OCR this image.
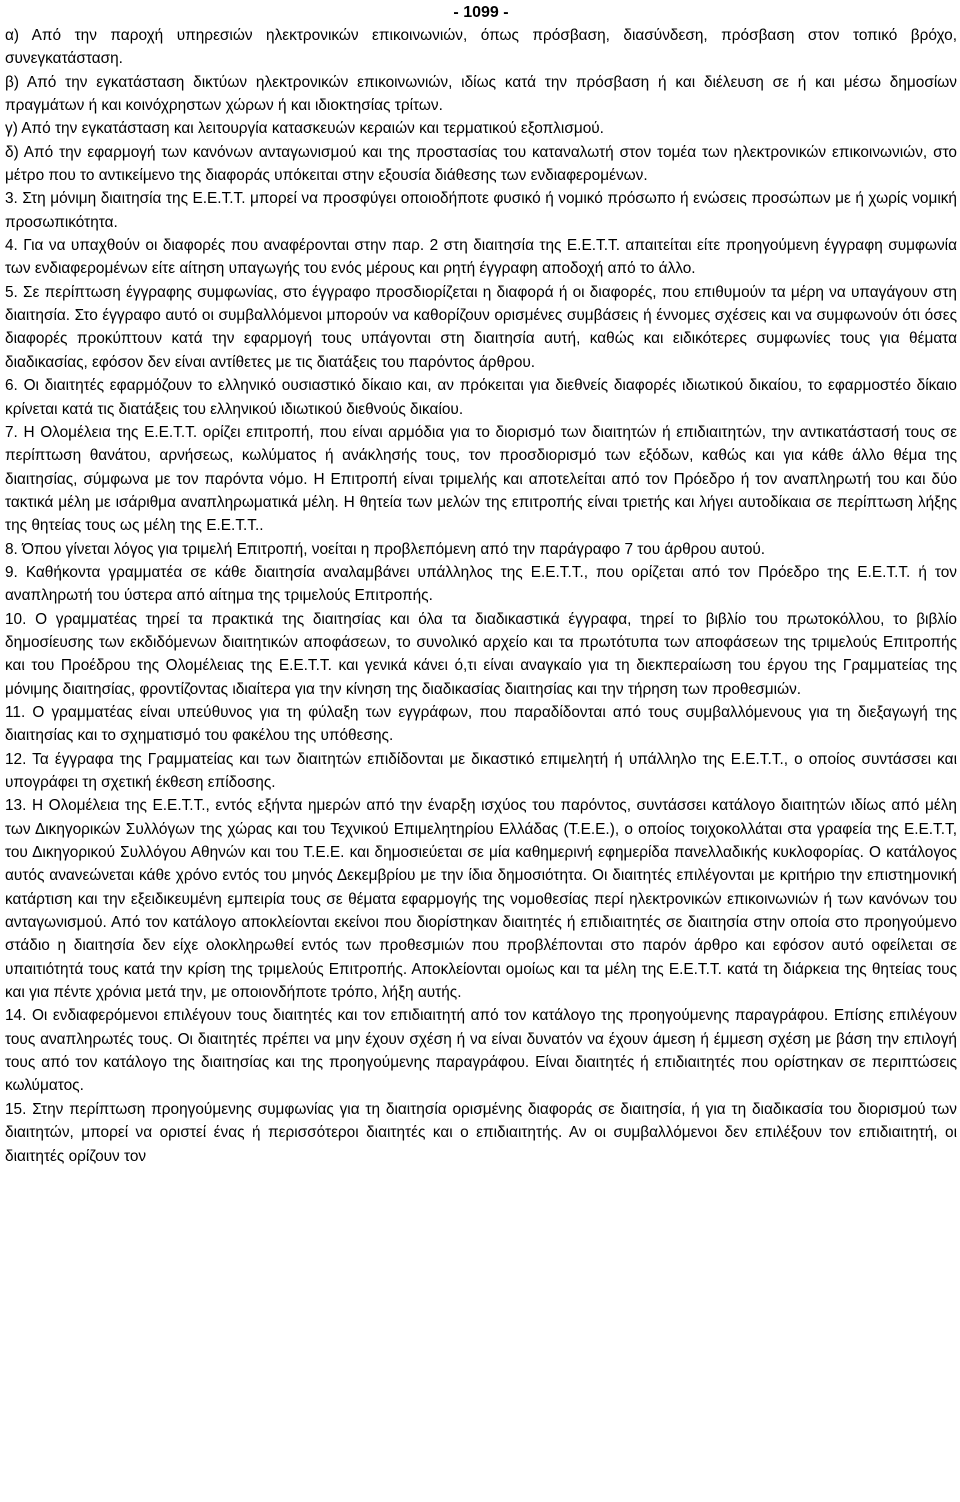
- 1099 -

α) Από την παροχή υπηρεσιών ηλεκτρονικών επικοινωνιών, όπως πρόσβαση, διασύνδεση, πρόσβαση στον τοπικό βρόχο, συνεγκατάσταση.

β) Από την εγκατάσταση δικτύων ηλεκτρονικών επικοινωνιών, ιδίως κατά την πρόσβαση ή και διέλευση σε ή και μέσω δημοσίων πραγμάτων ή και κοινόχρηστων χώρων ή και ιδιοκτησίας τρίτων.

γ) Από την εγκατάσταση και λειτουργία κατασκευών κεραιών και τερματικού εξοπλισμού.

δ) Από την εφαρμογή των κανόνων ανταγωνισμού και της προστασίας του καταναλωτή στον τομέα των ηλεκτρονικών επικοινωνιών, στο μέτρο που το αντικείμενο της διαφοράς υπόκειται στην εξουσία διάθεσης των ενδιαφερομένων.

3. Στη μόνιμη διαιτησία της Ε.Ε.Τ.Τ. μπορεί να προσφύγει οποιοδήποτε φυσικό ή νομικό πρόσωπο ή ενώσεις προσώπων με ή χωρίς νομική προσωπικότητα.

4. Για να υπαχθούν οι διαφορές που αναφέρονται στην παρ. 2 στη διαιτησία της Ε.Ε.Τ.Τ. απαιτείται είτε προηγούμενη έγγραφη συμφωνία των ενδιαφερομένων είτε αίτηση υπαγωγής του ενός μέρους και ρητή έγγραφη αποδοχή από το άλλο.

5. Σε περίπτωση έγγραφης συμφωνίας, στο έγγραφο προσδιορίζεται η διαφορά ή οι διαφορές, που επιθυμούν τα μέρη να υπαγάγουν στη διαιτησία. Στο έγγραφο αυτό οι συμβαλλόμενοι μπορούν να καθορίζουν ορισμένες συμβάσεις ή έννομες σχέσεις και να συμφωνούν ότι όσες διαφορές προκύπτουν κατά την εφαρμογή τους υπάγονται στη διαιτησία αυτή, καθώς και ειδικότερες συμφωνίες τους για θέματα διαδικασίας, εφόσον δεν είναι αντίθετες με τις διατάξεις του παρόντος άρθρου.

6. Οι διαιτητές εφαρμόζουν το ελληνικό ουσιαστικό δίκαιο και, αν πρόκειται για διεθνείς διαφορές ιδιωτικού δικαίου, το εφαρμοστέο δίκαιο κρίνεται κατά τις διατάξεις του ελληνικού ιδιωτικού διεθνούς δικαίου.

7. Η Ολομέλεια της Ε.Ε.Τ.Τ. ορίζει επιτροπή, που είναι αρμόδια για το διορισμό των διαιτητών ή επιδιαιτητών, την αντικατάστασή τους σε περίπτωση θανάτου, αρνήσεως, κωλύματος ή ανάκλησής τους, τον προσδιορισμό των εξόδων, καθώς και για κάθε άλλο θέμα της διαιτησίας, σύμφωνα με τον παρόντα νόμο. Η Επιτροπή είναι τριμελής και αποτελείται από τον Πρόεδρο ή τον αναπληρωτή του και δύο τακτικά μέλη με ισάριθμα αναπληρωματικά μέλη. Η θητεία των μελών της επιτροπής είναι τριετής και λήγει αυτοδίκαια σε περίπτωση λήξης της θητείας τους ως μέλη της Ε.Ε.Τ.Τ..

8. Όπου γίνεται λόγος για τριμελή Επιτροπή, νοείται η προβλεπόμενη από την παράγραφο 7 του άρθρου αυτού.

9. Καθήκοντα γραμματέα σε κάθε διαιτησία αναλαμβάνει υπάλληλος της Ε.Ε.Τ.Τ., που ορίζεται από τον Πρόεδρο της Ε.Ε.Τ.Τ. ή τον αναπληρωτή του ύστερα από αίτημα της τριμελούς Επιτροπής.

10. Ο γραμματέας τηρεί τα πρακτικά της διαιτησίας και όλα τα διαδικαστικά έγγραφα, τηρεί το βιβλίο του πρωτοκόλλου, το βιβλίο δημοσίευσης των εκδιδόμενων διαιτητικών αποφάσεων, το συνολικό αρχείο και τα πρωτότυπα των αποφάσεων της τριμελούς Επιτροπής και του Προέδρου της Ολομέλειας της Ε.Ε.Τ.Τ. και γενικά κάνει ό,τι είναι αναγκαίο για τη διεκπεραίωση του έργου της Γραμματείας της μόνιμης διαιτησίας, φροντίζοντας ιδιαίτερα για την κίνηση της διαδικασίας διαιτησίας και την τήρηση των προθεσμιών.

11. Ο γραμματέας είναι υπεύθυνος για τη φύλαξη των εγγράφων, που παραδίδονται από τους συμβαλλόμενους για τη διεξαγωγή της διαιτησίας και το σχηματισμό του φακέλου της υπόθεσης.

12. Τα έγγραφα της Γραμματείας και των διαιτητών επιδίδονται με δικαστικό επιμελητή ή υπάλληλο της Ε.Ε.Τ.Τ., ο οποίος συντάσσει και υπογράφει τη σχετική έκθεση επίδοσης.

13. Η Ολομέλεια της Ε.Ε.Τ.Τ., εντός εξήντα ημερών από την έναρξη ισχύος του παρόντος, συντάσσει κατάλογο διαιτητών ιδίως από μέλη των Δικηγορικών Συλλόγων της χώρας και του Τεχνικού Επιμελητηρίου Ελλάδας (Τ.Ε.Ε.), ο οποίος τοιχοκολλάται στα γραφεία της Ε.Ε.Τ.Τ, του Δικηγορικού Συλλόγου Αθηνών και του Τ.Ε.Ε. και δημοσιεύεται σε μία καθημερινή εφημερίδα πανελλαδικής κυκλοφορίας. Ο κατάλογος αυτός ανανεώνεται κάθε χρόνο εντός του μηνός Δεκεμβρίου με την ίδια δημοσιότητα. Οι διαιτητές επιλέγονται με κριτήριο την επιστημονική κατάρτιση και την εξειδικευμένη εμπειρία τους σε θέματα εφαρμογής της νομοθεσίας περί ηλεκτρονικών επικοινωνιών ή των κανόνων του ανταγωνισμού. Από τον κατάλογο αποκλείονται εκείνοι που διορίστηκαν διαιτητές ή επιδιαιτητές σε διαιτησία στην οποία στο προηγούμενο στάδιο η διαιτησία δεν είχε ολοκληρωθεί εντός των προθεσμιών που προβλέπονται στο παρόν άρθρο και εφόσον αυτό οφείλεται σε υπαιτιότητά τους κατά την κρίση της τριμελούς Επιτροπής. Αποκλείονται ομοίως και τα μέλη της Ε.Ε.Τ.Τ. κατά τη διάρκεια της θητείας τους και για πέντε χρόνια μετά την, με οποιονδήποτε τρόπο, λήξη αυτής.

14. Οι ενδιαφερόμενοι επιλέγουν τους διαιτητές και τον επιδιαιτητή από τον κατάλογο της προηγούμενης παραγράφου. Επίσης επιλέγουν τους αναπληρωτές τους. Οι διαιτητές πρέπει να μην έχουν σχέση ή να είναι δυνατόν να έχουν άμεση ή έμμεση σχέση με βάση την επιλογή τους από τον κατάλογο της διαιτησίας και της προηγούμενης παραγράφου. Είναι διαιτητές ή επιδιαιτητές που ορίστηκαν σε περιπτώσεις κωλύματος.

15. Στην περίπτωση προηγούμενης συμφωνίας για τη διαιτησία ορισμένης διαφοράς σε διαιτησία, ή για τη διαδικασία του διορισμού των διαιτητών, μπορεί να οριστεί ένας ή περισσότεροι διαιτητές και ο επιδιαιτητής. Αν οι συμβαλλόμενοι δεν επιλέξουν τον επιδιαιτητή, οι διαιτητές ορίζουν τον
